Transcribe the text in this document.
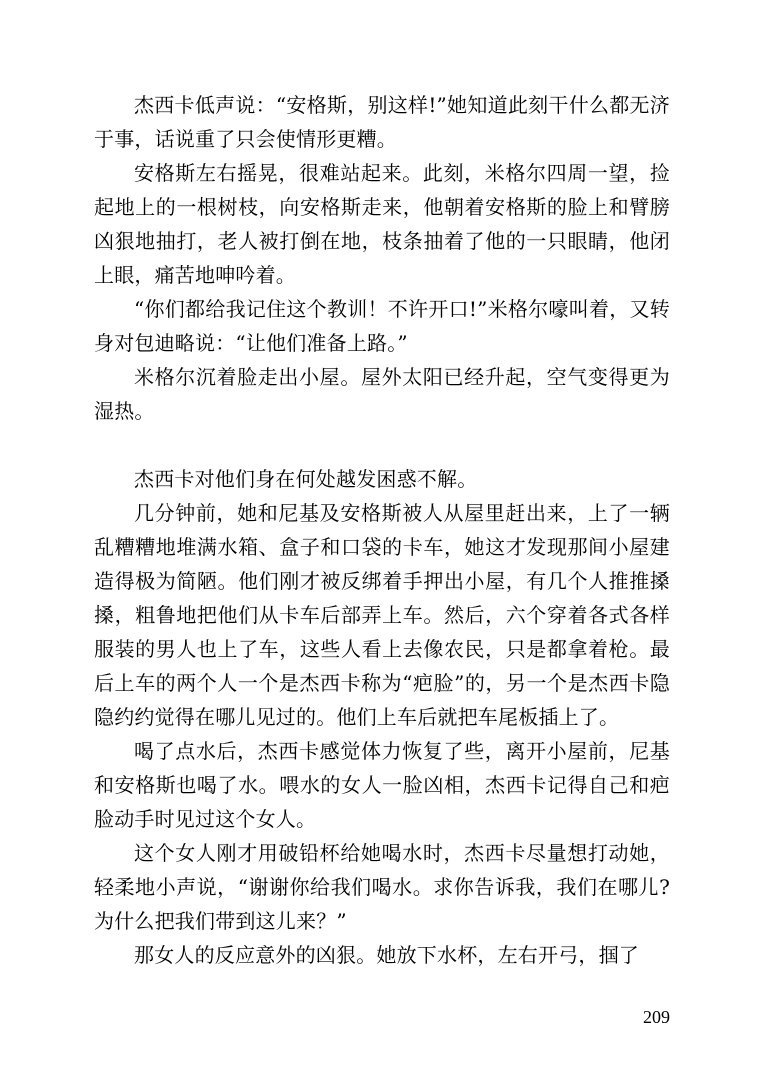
杰西卡低声说：“安格斯，别这样!”她知道此刻干什么都无济于事，话说重了只会使情形更糟。

安格斯左右摇晃，很难站起来。此刻，米格尔四周一望，捡起地上的一根树枝，向安格斯走来，他朝着安格斯的脸上和臂膀凶狠地抽打，老人被打倒在地，枝条抽着了他的一只眼睛，他闭上眼，痛苦地呻吟着。

“你们都给我记住这个教训！不许开口!”米格尔嚎叫着，又转身对包迪略说：“让他们准备上路。”

米格尔沉着脸走出小屋。屋外太阳已经升起，空气变得更为湿热。

杰西卡对他们身在何处越发困惑不解。

几分钟前，她和尼基及安格斯被人从屋里赶出来，上了一辆乱糟糟地堆满水箱、盒子和口袋的卡车，她这才发现那间小屋建造得极为简陋。他们刚才被反绑着手押出小屋，有几个人推推搡搡，粗鲁地把他们从卡车后部弄上车。然后，六个穿着各式各样服装的男人也上了车，这些人看上去像农民，只是都拿着枪。最后上车的两个人一个是杰西卡称为“疤脸”的，另一个是杰西卡隐隐约约觉得在哪儿见过的。他们上车后就把车尾板插上了。

喝了点水后，杰西卡感觉体力恢复了些，离开小屋前，尼基和安格斯也喝了水。喂水的女人一脸凶相，杰西卡记得自己和疤脸动手时见过这个女人。

这个女人刚才用破铅杯给她喝水时，杰西卡尽量想打动她，轻柔地小声说，“谢谢你给我们喝水。求你告诉我，我们在哪儿?为什么把我们带到这儿来？”

那女人的反应意外的凶狠。她放下水杯，左右开弓，掴了

209
